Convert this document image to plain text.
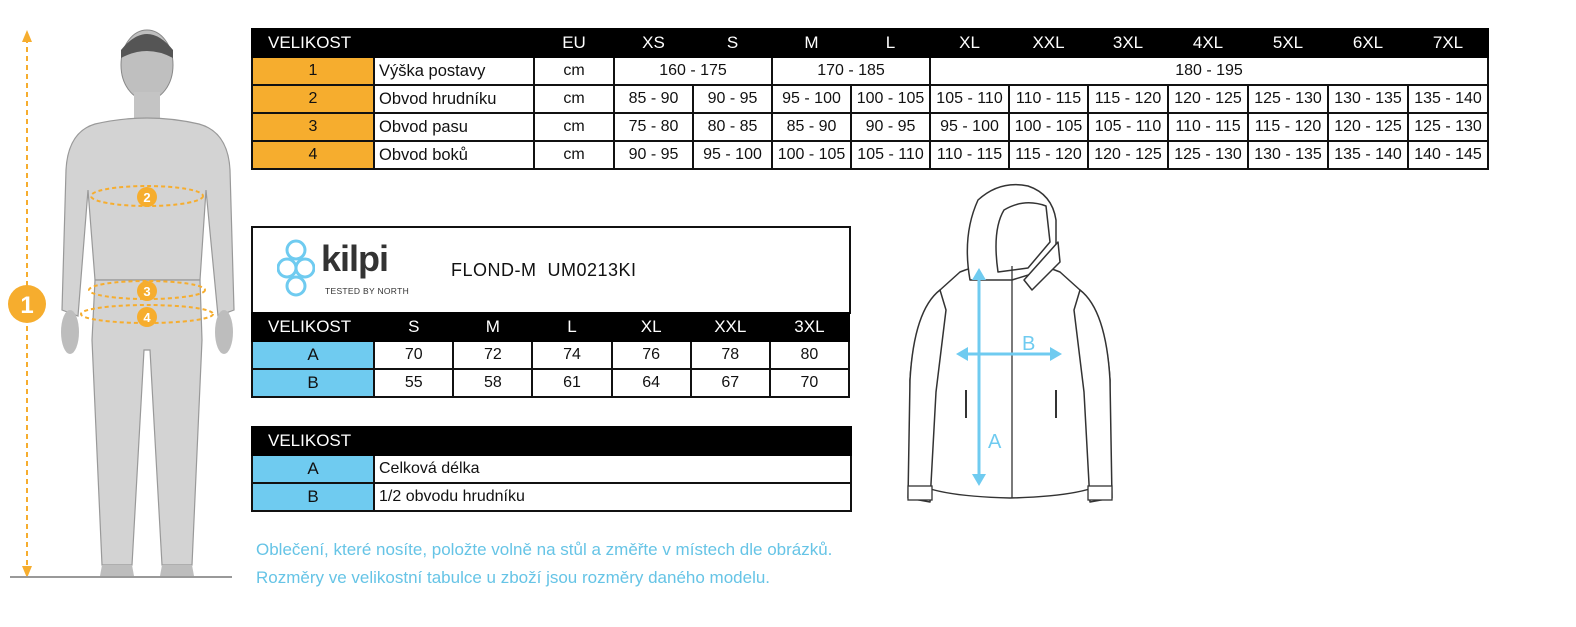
1
2
3
4
VELIKOST		EU	XS	S	M	L	XL	XXL	3XL	4XL	5XL	6XL	7XL
1	Výška postavy	cm	160 - 175		170 - 185		180 - 195						
2	Obvod hrudníku	cm	85 - 90	90 - 95	95 - 100	100 - 105	105 - 110	110 - 115	115 - 120	120 - 125	125 - 130	130 - 135	135 - 140
3	Obvod pasu	cm	75 - 80	80 - 85	85 - 90	90 - 95	95 - 100	100 - 105	105 - 110	110 - 115	115 - 120	120 - 125	125 - 130
4	Obvod boků	cm	90 - 95	95 - 100	100 - 105	105 - 110	110 - 115	115 - 120	120 - 125	125 - 130	130 - 135	135 - 140	140 - 145
kilpi
TESTED BY NORTH
FLOND-M  UM0213KI
VELIKOST	S	M	L	XL	XXL	3XL
A	70	72	74	76	78	80
B	55	58	61	64	67	70
VELIKOST	
A	Celková délka
B	1/2 obvodu hrudníku
A
B
Oblečení, které nosíte, položte volně na stůl a změřte v místech dle obrázků.
Rozměry ve velikostní tabulce u zboží jsou rozměry daného modelu.
